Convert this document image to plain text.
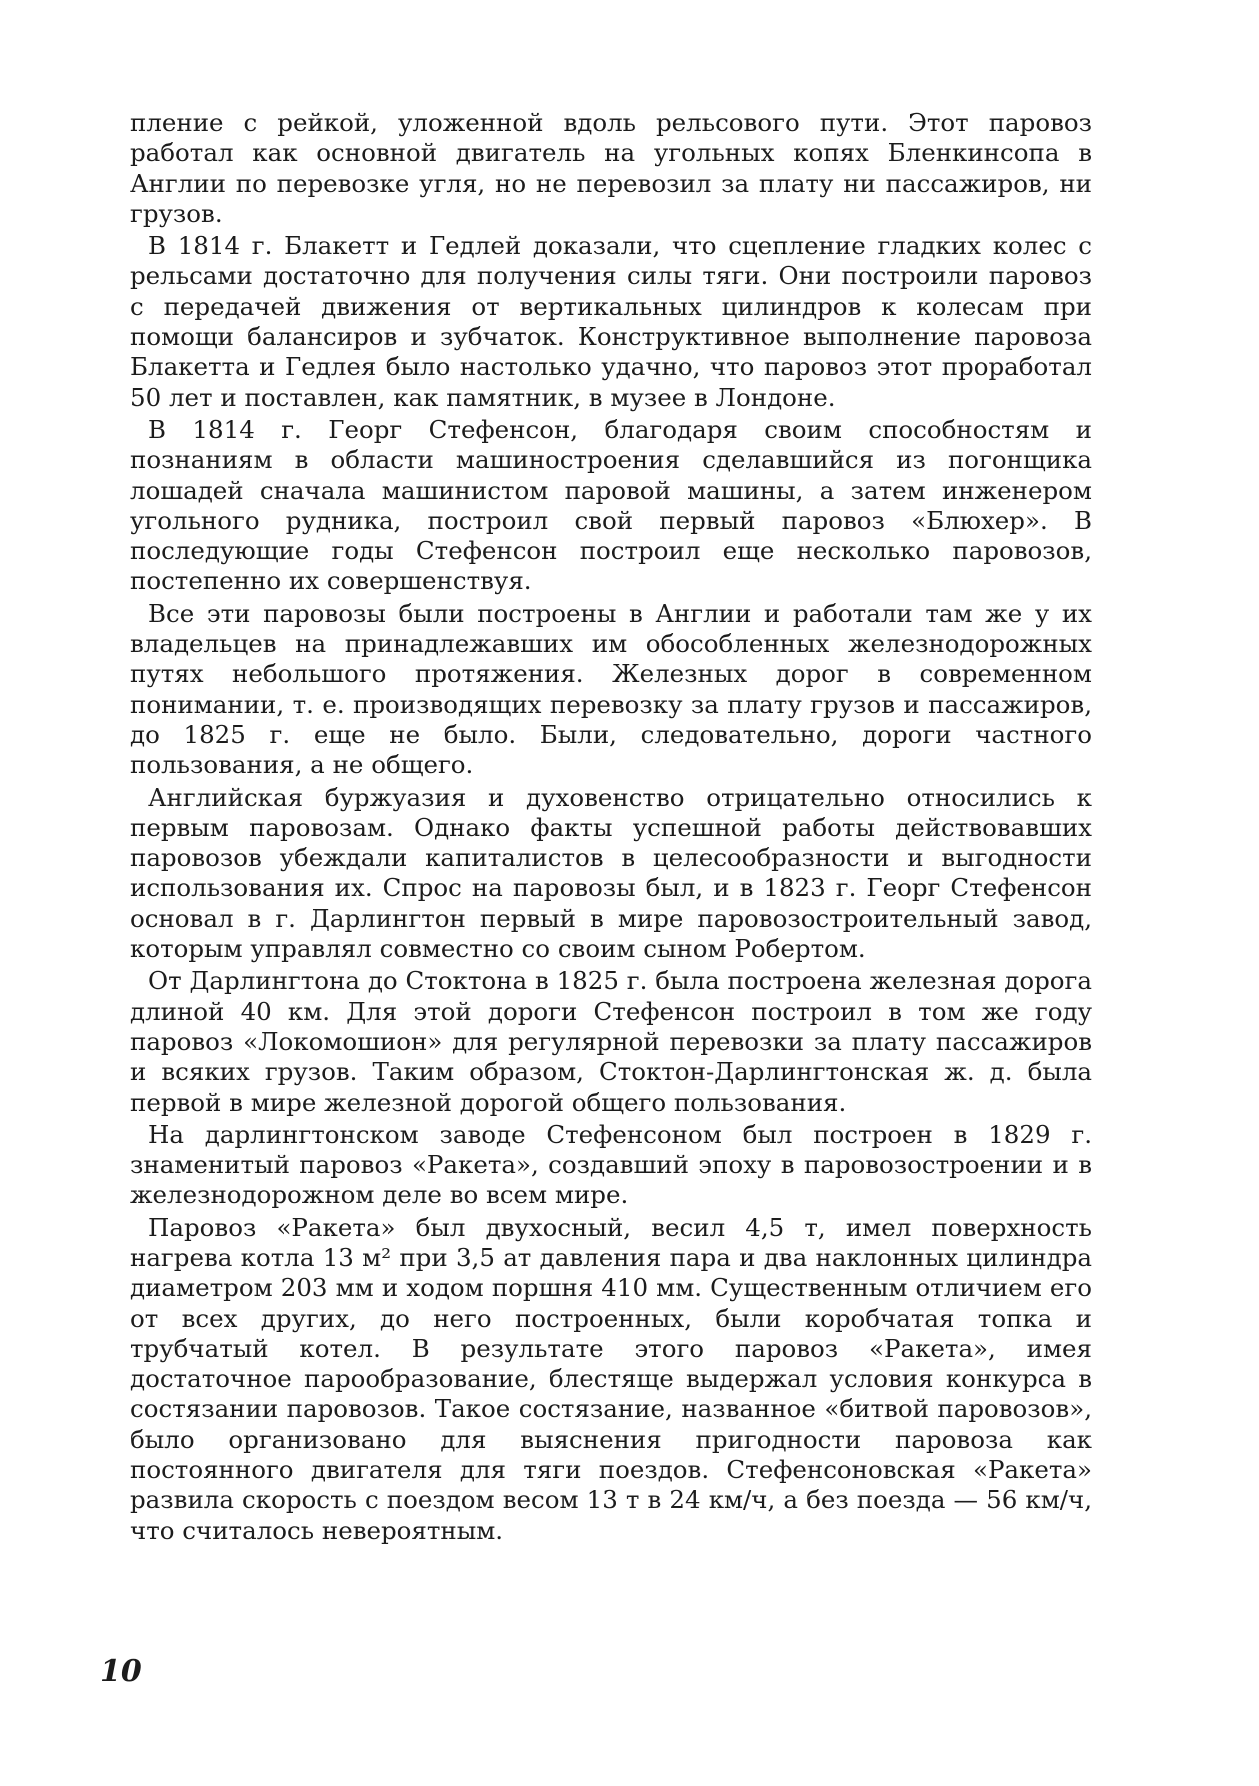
пление с рейкой, уложенной вдоль рельсового пути. Этот паровоз работал как основной двигатель на угольных копях Бленкинсопа в Англии по перевозке угля, но не перевозил за плату ни пассажиров, ни грузов.

В 1814 г. Блакетт и Гедлей доказали, что сцепление гладких колес с рельсами достаточно для получения силы тяги. Они построили паровоз с передачей движения от вертикальных цилиндров к колесам при помощи балансиров и зубчаток. Конструктивное выполнение паровоза Блакетта и Гедлея было настолько удачно, что паровоз этот проработал 50 лет и поставлен, как памятник, в музее в Лондоне.

В 1814 г. Георг Стефенсон, благодаря своим способностям и познаниям в области машиностроения сделавшийся из погонщика лошадей сначала машинистом паровой машины, а затем инженером угольного рудника, построил свой первый паровоз «Блюхер». В последующие годы Стефенсон построил еще несколько паровозов, постепенно их совершенствуя.

Все эти паровозы были построены в Англии и работали там же у их владельцев на принадлежавших им обособленных железнодорожных путях небольшого протяжения. Железных дорог в современном понимании, т. е. производящих перевозку за плату грузов и пассажиров, до 1825 г. еще не было. Были, следовательно, дороги частного пользования, а не общего.

Английская буржуазия и духовенство отрицательно относились к первым паровозам. Однако факты успешной работы действовавших паровозов убеждали капиталистов в целесообразности и выгодности использования их. Спрос на паровозы был, и в 1823 г. Георг Стефенсон основал в г. Дарлингтон первый в мире паровозостроительный завод, которым управлял совместно со своим сыном Робертом.

От Дарлингтона до Стоктона в 1825 г. была построена железная дорога длиной 40 км. Для этой дороги Стефенсон построил в том же году паровоз «Локомошион» для регулярной перевозки за плату пассажиров и всяких грузов. Таким образом, Стоктон-Дарлингтонская ж. д. была первой в мире железной дорогой общего пользования.

На дарлингтонском заводе Стефенсоном был построен в 1829 г. знаменитый паровоз «Ракета», создавший эпоху в паровозостроении и в железнодорожном деле во всем мире.

Паровоз «Ракета» был двухосный, весил 4,5 т, имел поверхность нагрева котла 13 м² при 3,5 ат давления пара и два наклонных цилиндра диаметром 203 мм и ходом поршня 410 мм. Существенным отличием его от всех других, до него построенных, были коробчатая топка и трубчатый котел. В результате этого паровоз «Ракета», имея достаточное парообразование, блестяще выдержал условия конкурса в состязании паровозов. Такое состязание, названное «битвой паровозов», было организовано для выяснения пригодности паровоза как постоянного двигателя для тяги поездов. Стефенсоновская «Ракета» развила скорость с поездом весом 13 т в 24 км/ч, а без поезда — 56 км/ч, что считалось невероятным.

10
